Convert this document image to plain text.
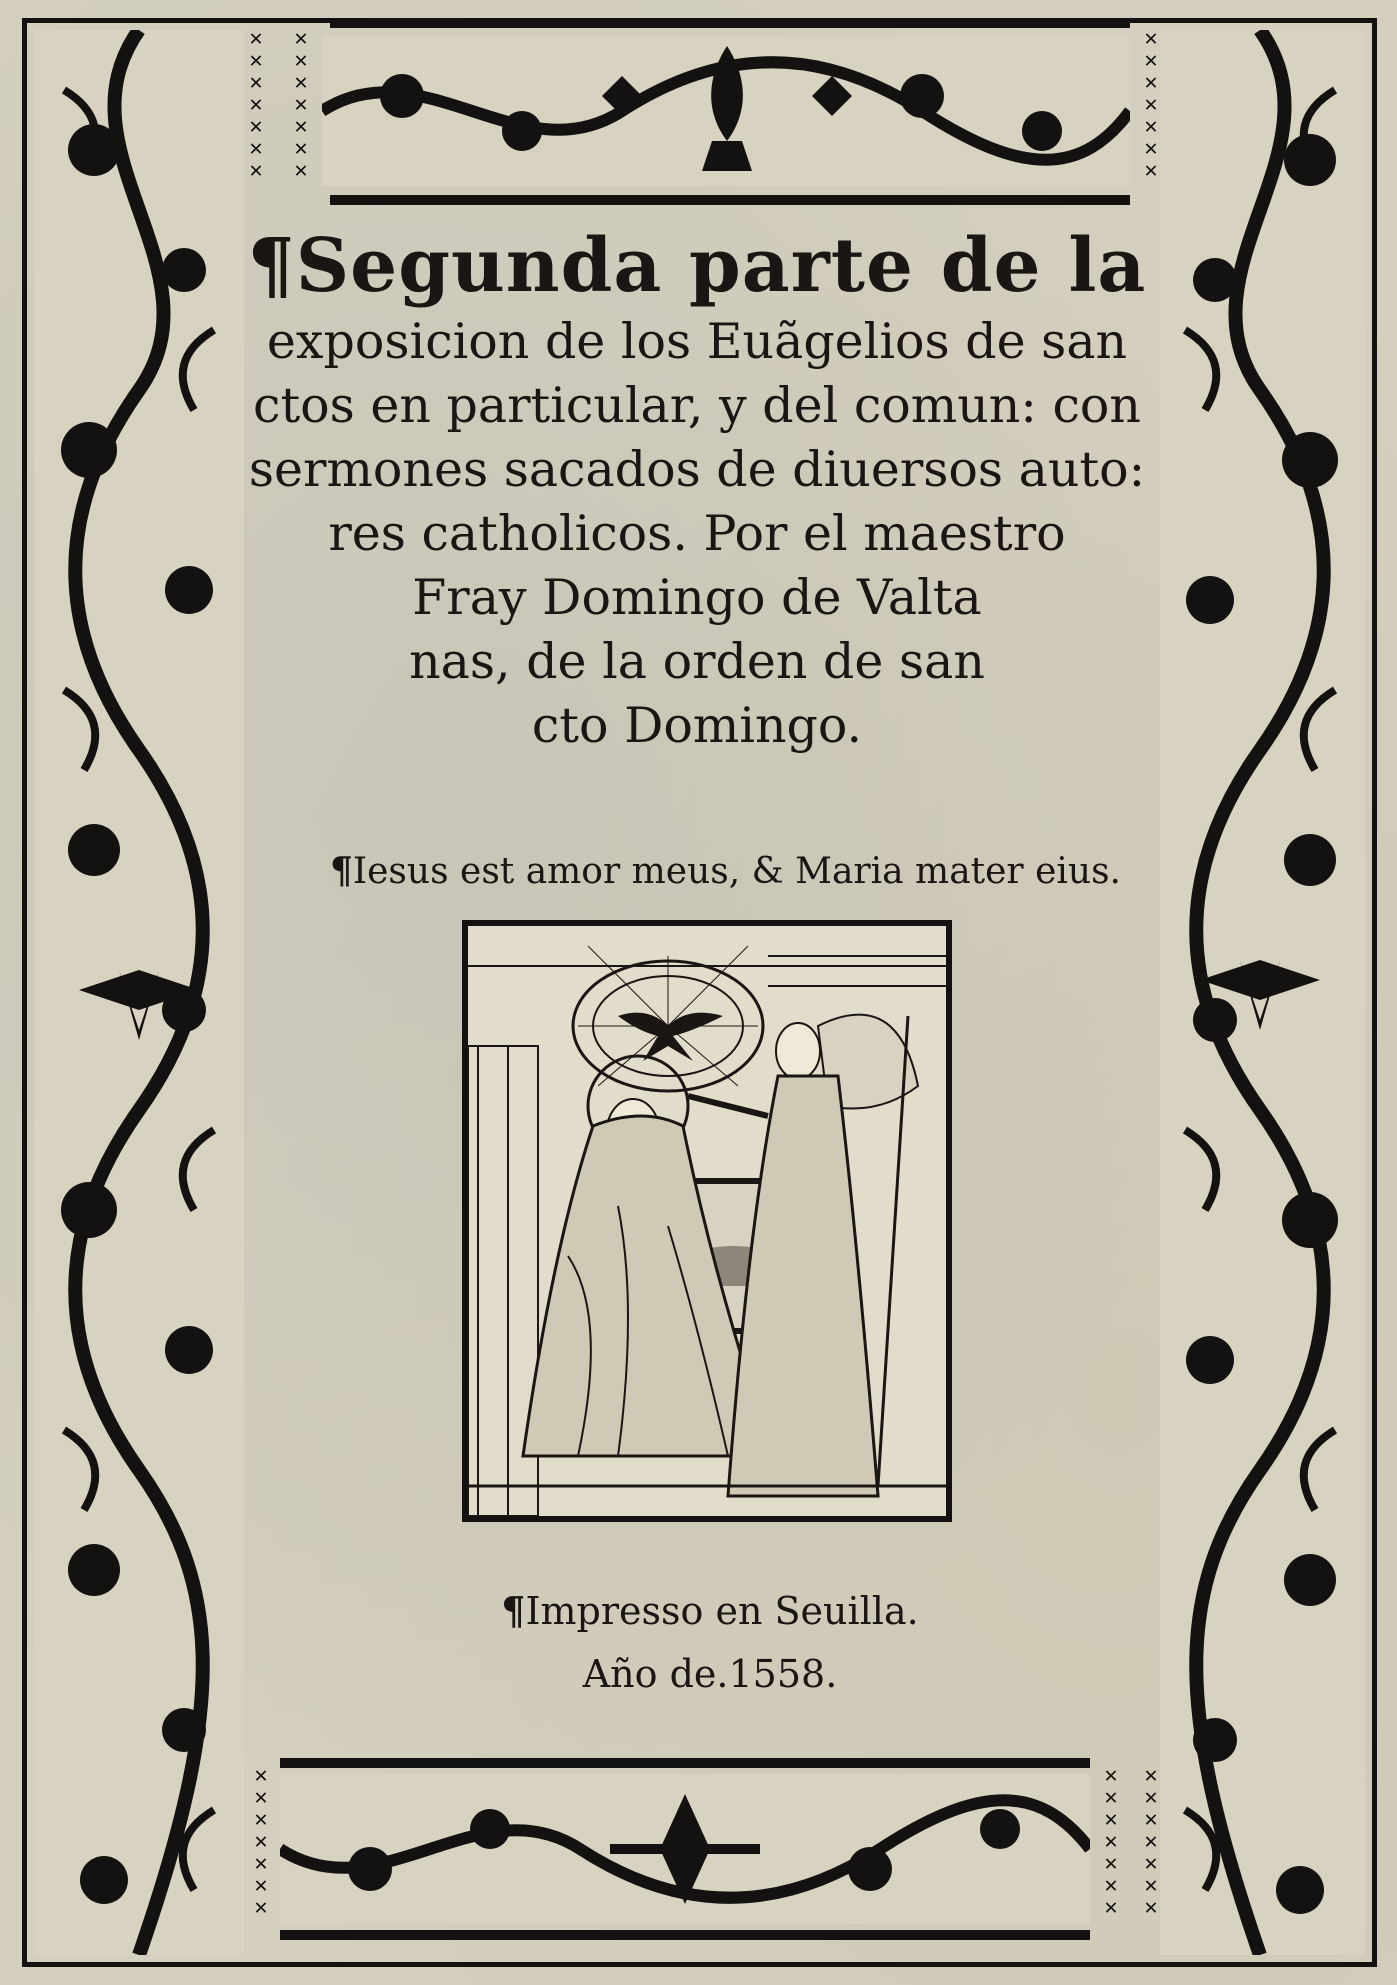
✕✕✕✕✕✕✕
✕✕✕✕✕✕✕
✕✕✕✕✕✕✕
✕✕✕✕✕✕✕
✕✕✕✕✕✕✕
✕✕✕✕✕✕✕

¶Segunda parte de la

exposicion de los Euãgelios de san

ctos en particular, y del comun: con

sermones sacados de diuersos auto:

res catholicos. Por el maestro

Fray Domingo de Valta

nas, de la orden de san

cto Domingo.

¶Iesus est amor meus, & Maria mater eius.
¶Impresso en Seuilla.
Año de.1558.
